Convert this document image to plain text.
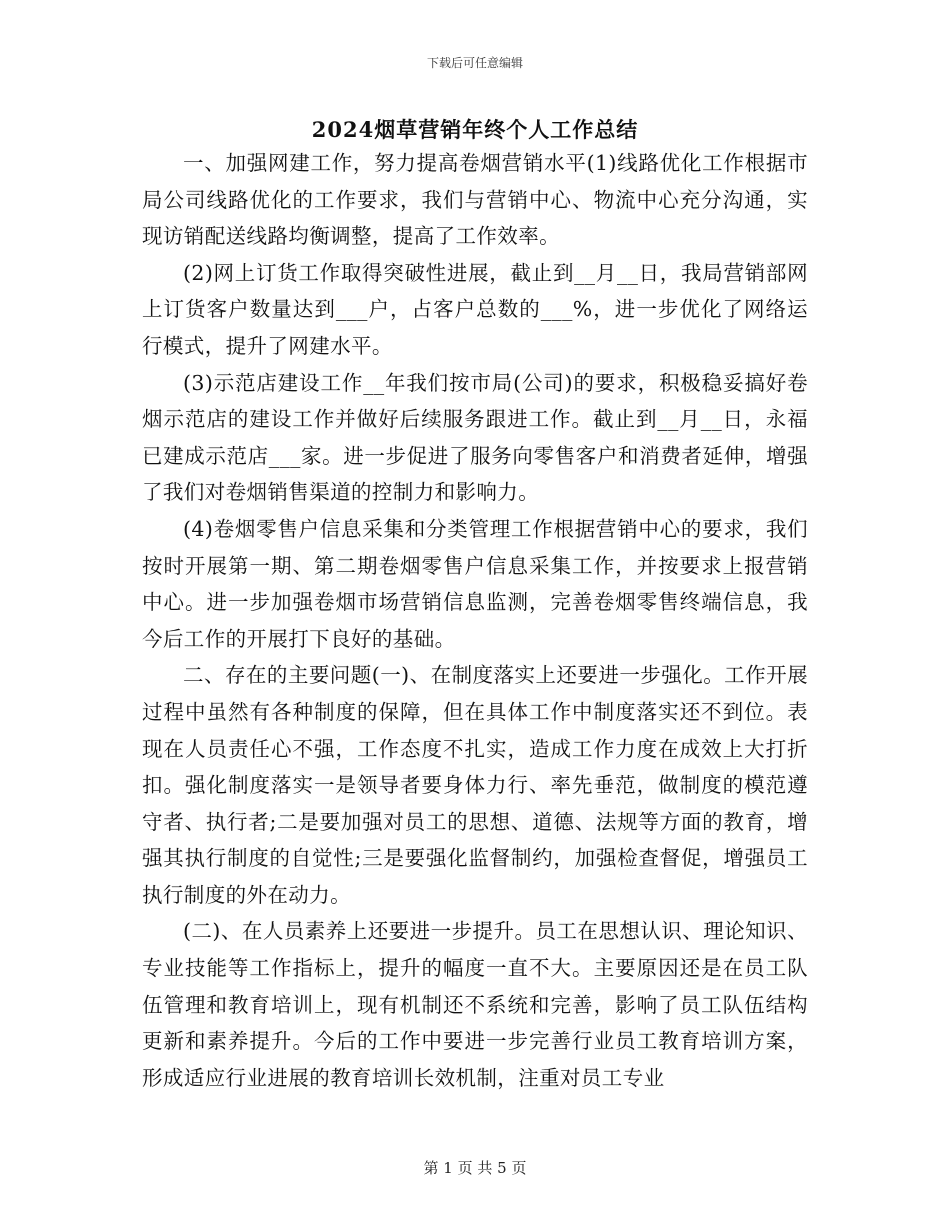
下载后可任意编辑
2024烟草营销年终个人工作总结

一、加强网建工作，努力提高卷烟营销水平(1)线路优化工作根据市局公司线路优化的工作要求，我们与营销中心、物流中心充分沟通，实现访销配送线路均衡调整，提高了工作效率。

(2)网上订货工作取得突破性进展，截止到__月__日，我局营销部网上订货客户数量达到___户，占客户总数的___%，进一步优化了网络运行模式，提升了网建水平。

(3)示范店建设工作__年我们按市局(公司)的要求，积极稳妥搞好卷烟示范店的建设工作并做好后续服务跟进工作。截止到__月__日，永福已建成示范店___家。进一步促进了服务向零售客户和消费者延伸，增强了我们对卷烟销售渠道的控制力和影响力。

(4)卷烟零售户信息采集和分类管理工作根据营销中心的要求，我们按时开展第一期、第二期卷烟零售户信息采集工作，并按要求上报营销中心。进一步加强卷烟市场营销信息监测，完善卷烟零售终端信息，我今后工作的开展打下良好的基础。

二、存在的主要问题(一)、在制度落实上还要进一步强化。工作开展过程中虽然有各种制度的保障，但在具体工作中制度落实还不到位。表现在人员责任心不强，工作态度不扎实，造成工作力度在成效上大打折扣。强化制度落实一是领导者要身体力行、率先垂范，做制度的模范遵守者、执行者;二是要加强对员工的思想、道德、法规等方面的教育，增强其执行制度的自觉性;三是要强化监督制约，加强检查督促，增强员工执行制度的外在动力。

(二)、在人员素养上还要进一步提升。员工在思想认识、理论知识、专业技能等工作指标上，提升的幅度一直不大。主要原因还是在员工队伍管理和教育培训上，现有机制还不系统和完善，影响了员工队伍结构更新和素养提升。今后的工作中要进一步完善行业员工教育培训方案，形成适应行业进展的教育培训长效机制，注重对员工专业

第 1 页 共 5 页
